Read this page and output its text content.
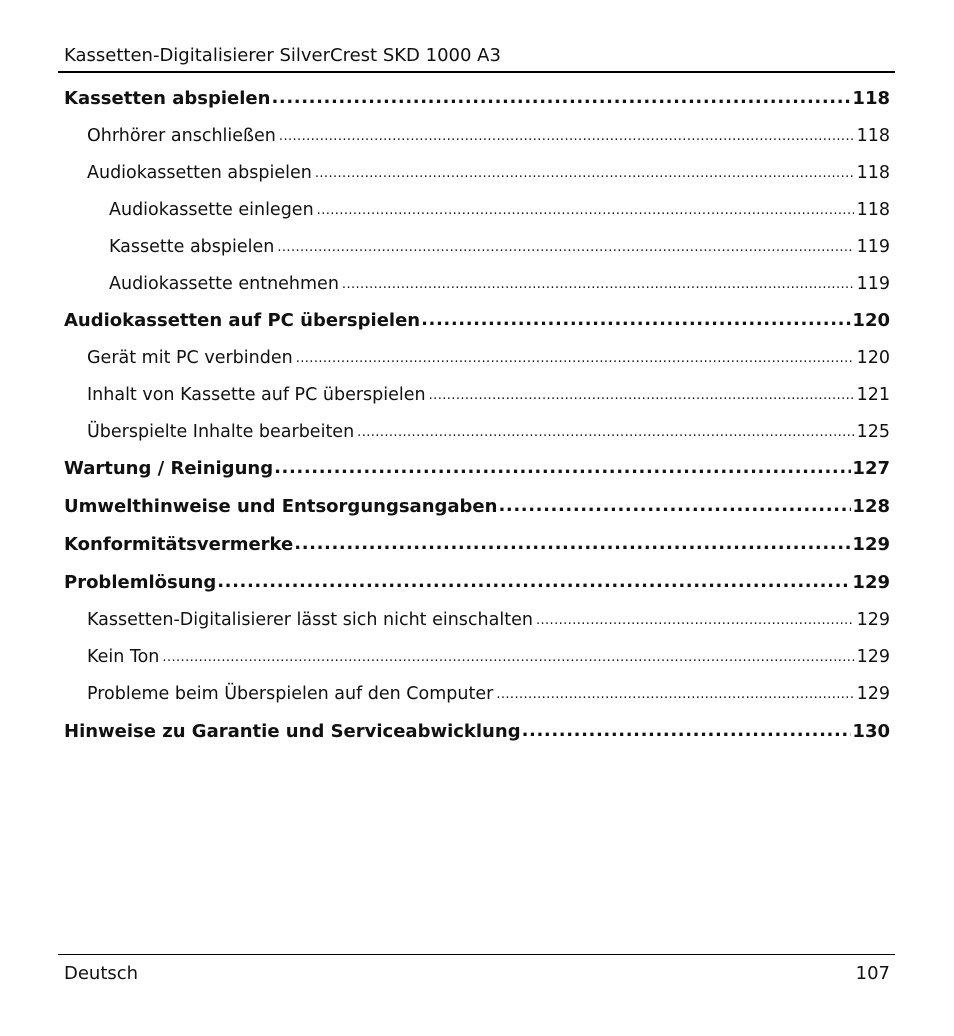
Kassetten-Digitalisierer SilverCrest SKD 1000 A3
Kassetten abspielen .....	118
Ohrhörer anschließen .....	118
Audiokassetten abspielen .....	118
Audiokassette einlegen .....	118
Kassette abspielen .....	119
Audiokassette entnehmen .....	119
Audiokassetten auf PC überspielen .....	120
Gerät mit PC verbinden .....	120
Inhalt von Kassette auf PC überspielen .....	121
Überspielte Inhalte bearbeiten .....	125
Wartung / Reinigung .....	127
Umwelthinweise und Entsorgungsangaben .....	128
Konformitätsvermerke .....	129
Problemlösung .....	129
Kassetten-Digitalisierer lässt sich nicht einschalten .....	129
Kein Ton .....	129
Probleme beim Überspielen auf den Computer .....	129
Hinweise zu Garantie und Serviceabwicklung .....	130
Deutsch	107
